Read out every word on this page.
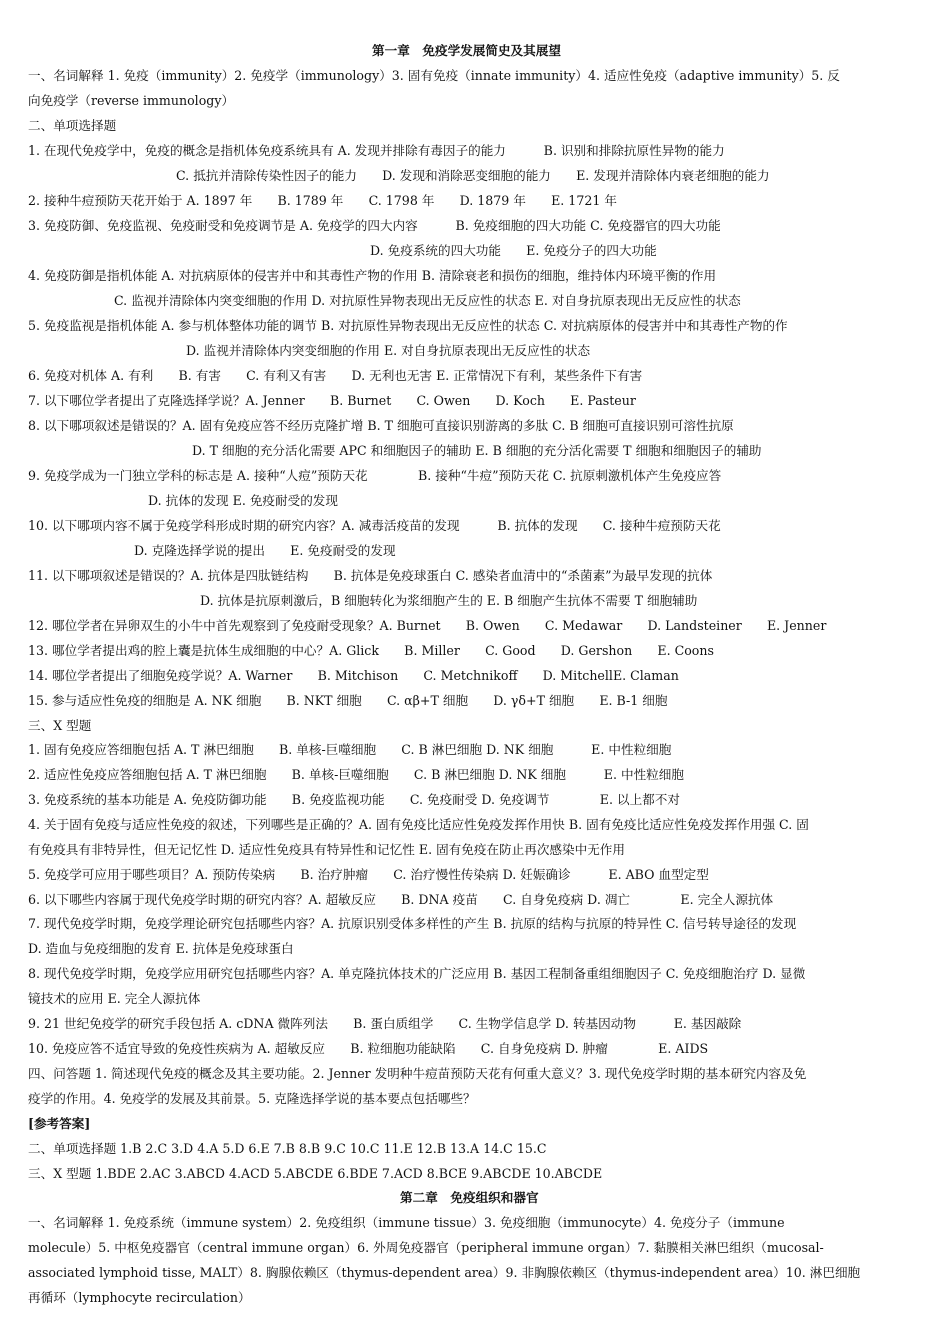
第一章　免疫学发展简史及其展望
一、名词解释 1. 免疫（immunity）2. 免疫学（immunology）3. 固有免疫（innate immunity）4. 适应性免疫（adaptive immunity）5. 反
向免疫学（reverse immunology）
二、单项选择题
1. 在现代免疫学中，免疫的概念是指机体免疫系统具有 A. 发现并排除有毒因子的能力　　　B. 识别和排除抗原性异物的能力
C. 抵抗并清除传染性因子的能力　　D. 发现和消除恶变细胞的能力　　E. 发现并清除体内衰老细胞的能力
2. 接种牛痘预防天花开始于 A. 1897 年　　B. 1789 年　　C. 1798 年　　D. 1879 年　　E. 1721 年
3. 免疫防御、免疫监视、免疫耐受和免疫调节是 A. 免疫学的四大内容　　　B. 免疫细胞的四大功能 C. 免疫器官的四大功能
D. 免疫系统的四大功能　　E. 免疫分子的四大功能
4. 免疫防御是指机体能 A. 对抗病原体的侵害并中和其毒性产物的作用 B. 清除衰老和损伤的细胞，维持体内环境平衡的作用
C. 监视并清除体内突变细胞的作用 D. 对抗原性异物表现出无反应性的状态 E. 对自身抗原表现出无反应性的状态
5. 免疫监视是指机体能 A. 参与机体整体功能的调节 B. 对抗原性异物表现出无反应性的状态 C. 对抗病原体的侵害并中和其毒性产物的作
D. 监视并清除体内突变细胞的作用 E. 对自身抗原表现出无反应性的状态
6. 免疫对机体 A. 有利　　B. 有害　　C. 有利又有害　　D. 无利也无害 E. 正常情况下有利，某些条件下有害
7. 以下哪位学者提出了克隆选择学说？A. Jenner　　B. Burnet　　C. Owen　　D. Koch　　E. Pasteur
8. 以下哪项叙述是错误的？A. 固有免疫应答不经历克隆扩增 B. T 细胞可直接识别游离的多肽 C. B 细胞可直接识别可溶性抗原
D. T 细胞的充分活化需要 APC 和细胞因子的辅助 E. B 细胞的充分活化需要 T 细胞和细胞因子的辅助
9. 免疫学成为一门独立学科的标志是 A. 接种“人痘”预防天花　　　　B. 接种“牛痘”预防天花 C. 抗原刺激机体产生免疫应答
D. 抗体的发现 E. 免疫耐受的发现
10. 以下哪项内容不属于免疫学科形成时期的研究内容？A. 减毒活疫苗的发现　　　B. 抗体的发现　　C. 接种牛痘预防天花
D. 克隆选择学说的提出　　E. 免疫耐受的发现
11. 以下哪项叙述是错误的？A. 抗体是四肽链结构　　B. 抗体是免疫球蛋白 C. 感染者血清中的“杀菌素”为最早发现的抗体
D. 抗体是抗原刺激后，B 细胞转化为浆细胞产生的 E. B 细胞产生抗体不需要 T 细胞辅助
12. 哪位学者在异卵双生的小牛中首先观察到了免疫耐受现象？A. Burnet　　B. Owen　　C. Medawar　　D. Landsteiner　　E. Jenner
13. 哪位学者提出鸡的腔上囊是抗体生成细胞的中心？A. Glick　　B. Miller　　C. Good　　D. Gershon　　E. Coons
14. 哪位学者提出了细胞免疫学说？A. Warner　　B. Mitchison　　C. Metchnikoff　　D. MitchellE. Claman
15. 参与适应性免疫的细胞是 A. NK 细胞　　B. NKT 细胞　　C. αβ+T 细胞　　D. γδ+T 细胞　　E. B-1 细胞
三、X 型题
1. 固有免疫应答细胞包括 A. T 淋巴细胞　　B. 单核-巨噬细胞　　C. B 淋巴细胞 D. NK 细胞　　　E. 中性粒细胞
2. 适应性免疫应答细胞包括 A. T 淋巴细胞　　B. 单核-巨噬细胞　　C. B 淋巴细胞 D. NK 细胞　　　E. 中性粒细胞
3. 免疫系统的基本功能是 A. 免疫防御功能　　B. 免疫监视功能　　C. 免疫耐受 D. 免疫调节　　　　E. 以上都不对
4. 关于固有免疫与适应性免疫的叙述，下列哪些是正确的？A. 固有免疫比适应性免疫发挥作用快 B. 固有免疫比适应性免疫发挥作用强 C. 固
有免疫具有非特异性，但无记忆性 D. 适应性免疫具有特异性和记忆性 E. 固有免疫在防止再次感染中无作用
5. 免疫学可应用于哪些项目？A. 预防传染病　　B. 治疗肿瘤　　C. 治疗慢性传染病 D. 妊娠确诊　　　E. ABO 血型定型
6. 以下哪些内容属于现代免疫学时期的研究内容？A. 超敏反应　　B. DNA 疫苗　　C. 自身免疫病 D. 凋亡　　　　E. 完全人源抗体
7. 现代免疫学时期，免疫学理论研究包括哪些内容？A. 抗原识别受体多样性的产生 B. 抗原的结构与抗原的特异性 C. 信号转导途径的发现
D. 造血与免疫细胞的发育 E. 抗体是免疫球蛋白
8. 现代免疫学时期，免疫学应用研究包括哪些内容？A. 单克隆抗体技术的广泛应用 B. 基因工程制备重组细胞因子 C. 免疫细胞治疗 D. 显微
镜技术的应用 E. 完全人源抗体
9. 21 世纪免疫学的研究手段包括 A. cDNA 微阵列法　　B. 蛋白质组学　　C. 生物学信息学 D. 转基因动物　　　E. 基因敲除
10. 免疫应答不适宜导致的免疫性疾病为 A. 超敏反应　　B. 粒细胞功能缺陷　　C. 自身免疫病 D. 肿瘤　　　　E. AIDS
四、问答题 1. 简述现代免疫的概念及其主要功能。2. Jenner 发明种牛痘苗预防天花有何重大意义？3. 现代免疫学时期的基本研究内容及免
疫学的作用。4. 免疫学的发展及其前景。5. 克隆选择学说的基本要点包括哪些？
[参考答案]
二、单项选择题 1.B 2.C 3.D 4.A 5.D 6.E 7.B 8.B 9.C 10.C 11.E 12.B 13.A 14.C 15.C
三、X 型题 1.BDE 2.AC 3.ABCD 4.ACD 5.ABCDE 6.BDE 7.ACD 8.BCE 9.ABCDE 10.ABCDE
第二章　免疫组织和器官
一、名词解释 1. 免疫系统（immune system）2. 免疫组织（immune tissue）3. 免疫细胞（immunocyte）4. 免疫分子（immune
molecule）5. 中枢免疫器官（central immune organ）6. 外周免疫器官（peripheral immune organ）7. 黏膜相关淋巴组织（mucosal-
associated lymphoid tisse, MALT）8. 胸腺依赖区（thymus-dependent area）9. 非胸腺依赖区（thymus-independent area）10. 淋巴细胞
再循环（lymphocyte recirculation）
